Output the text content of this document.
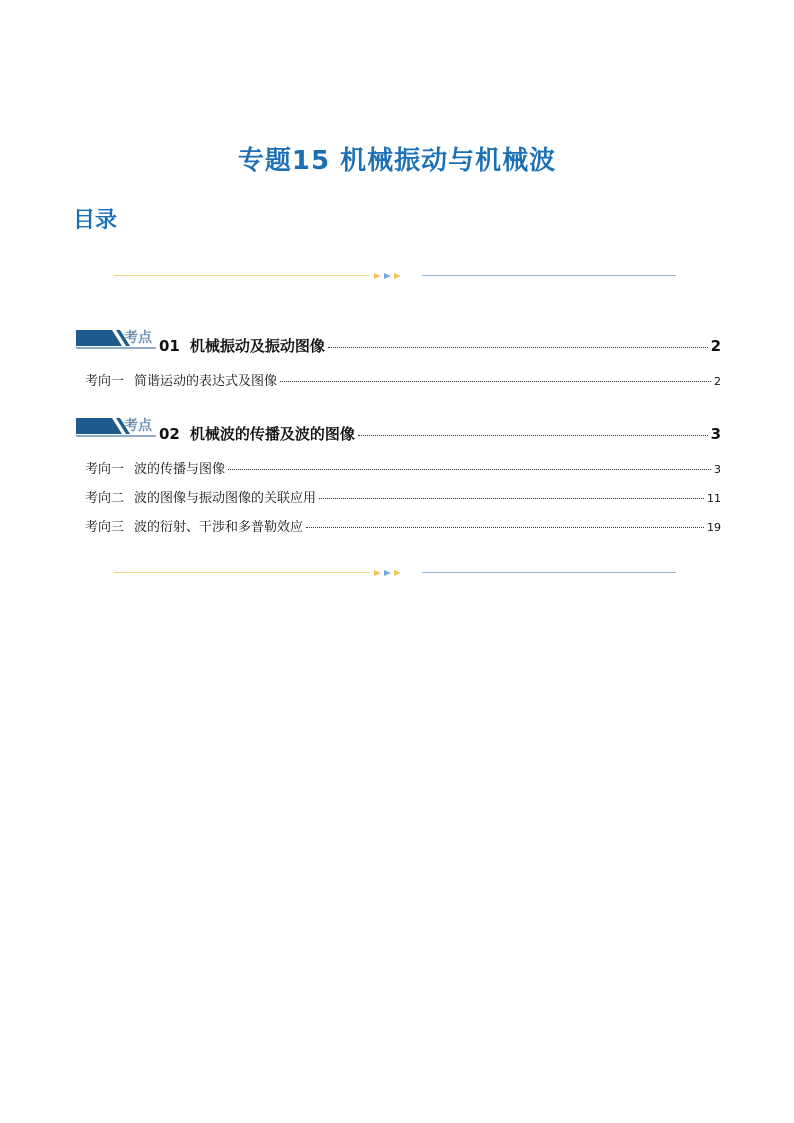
专题15 机械振动与机械波
目录
考点 01 机械振动及振动图像	2
考向一 简谐运动的表达式及图像	2
考点 02 机械波的传播及波的图像	3
考向一 波的传播与图像	3
考向二 波的图像与振动图像的关联应用	11
考向三 波的衍射、干涉和多普勒效应	19
